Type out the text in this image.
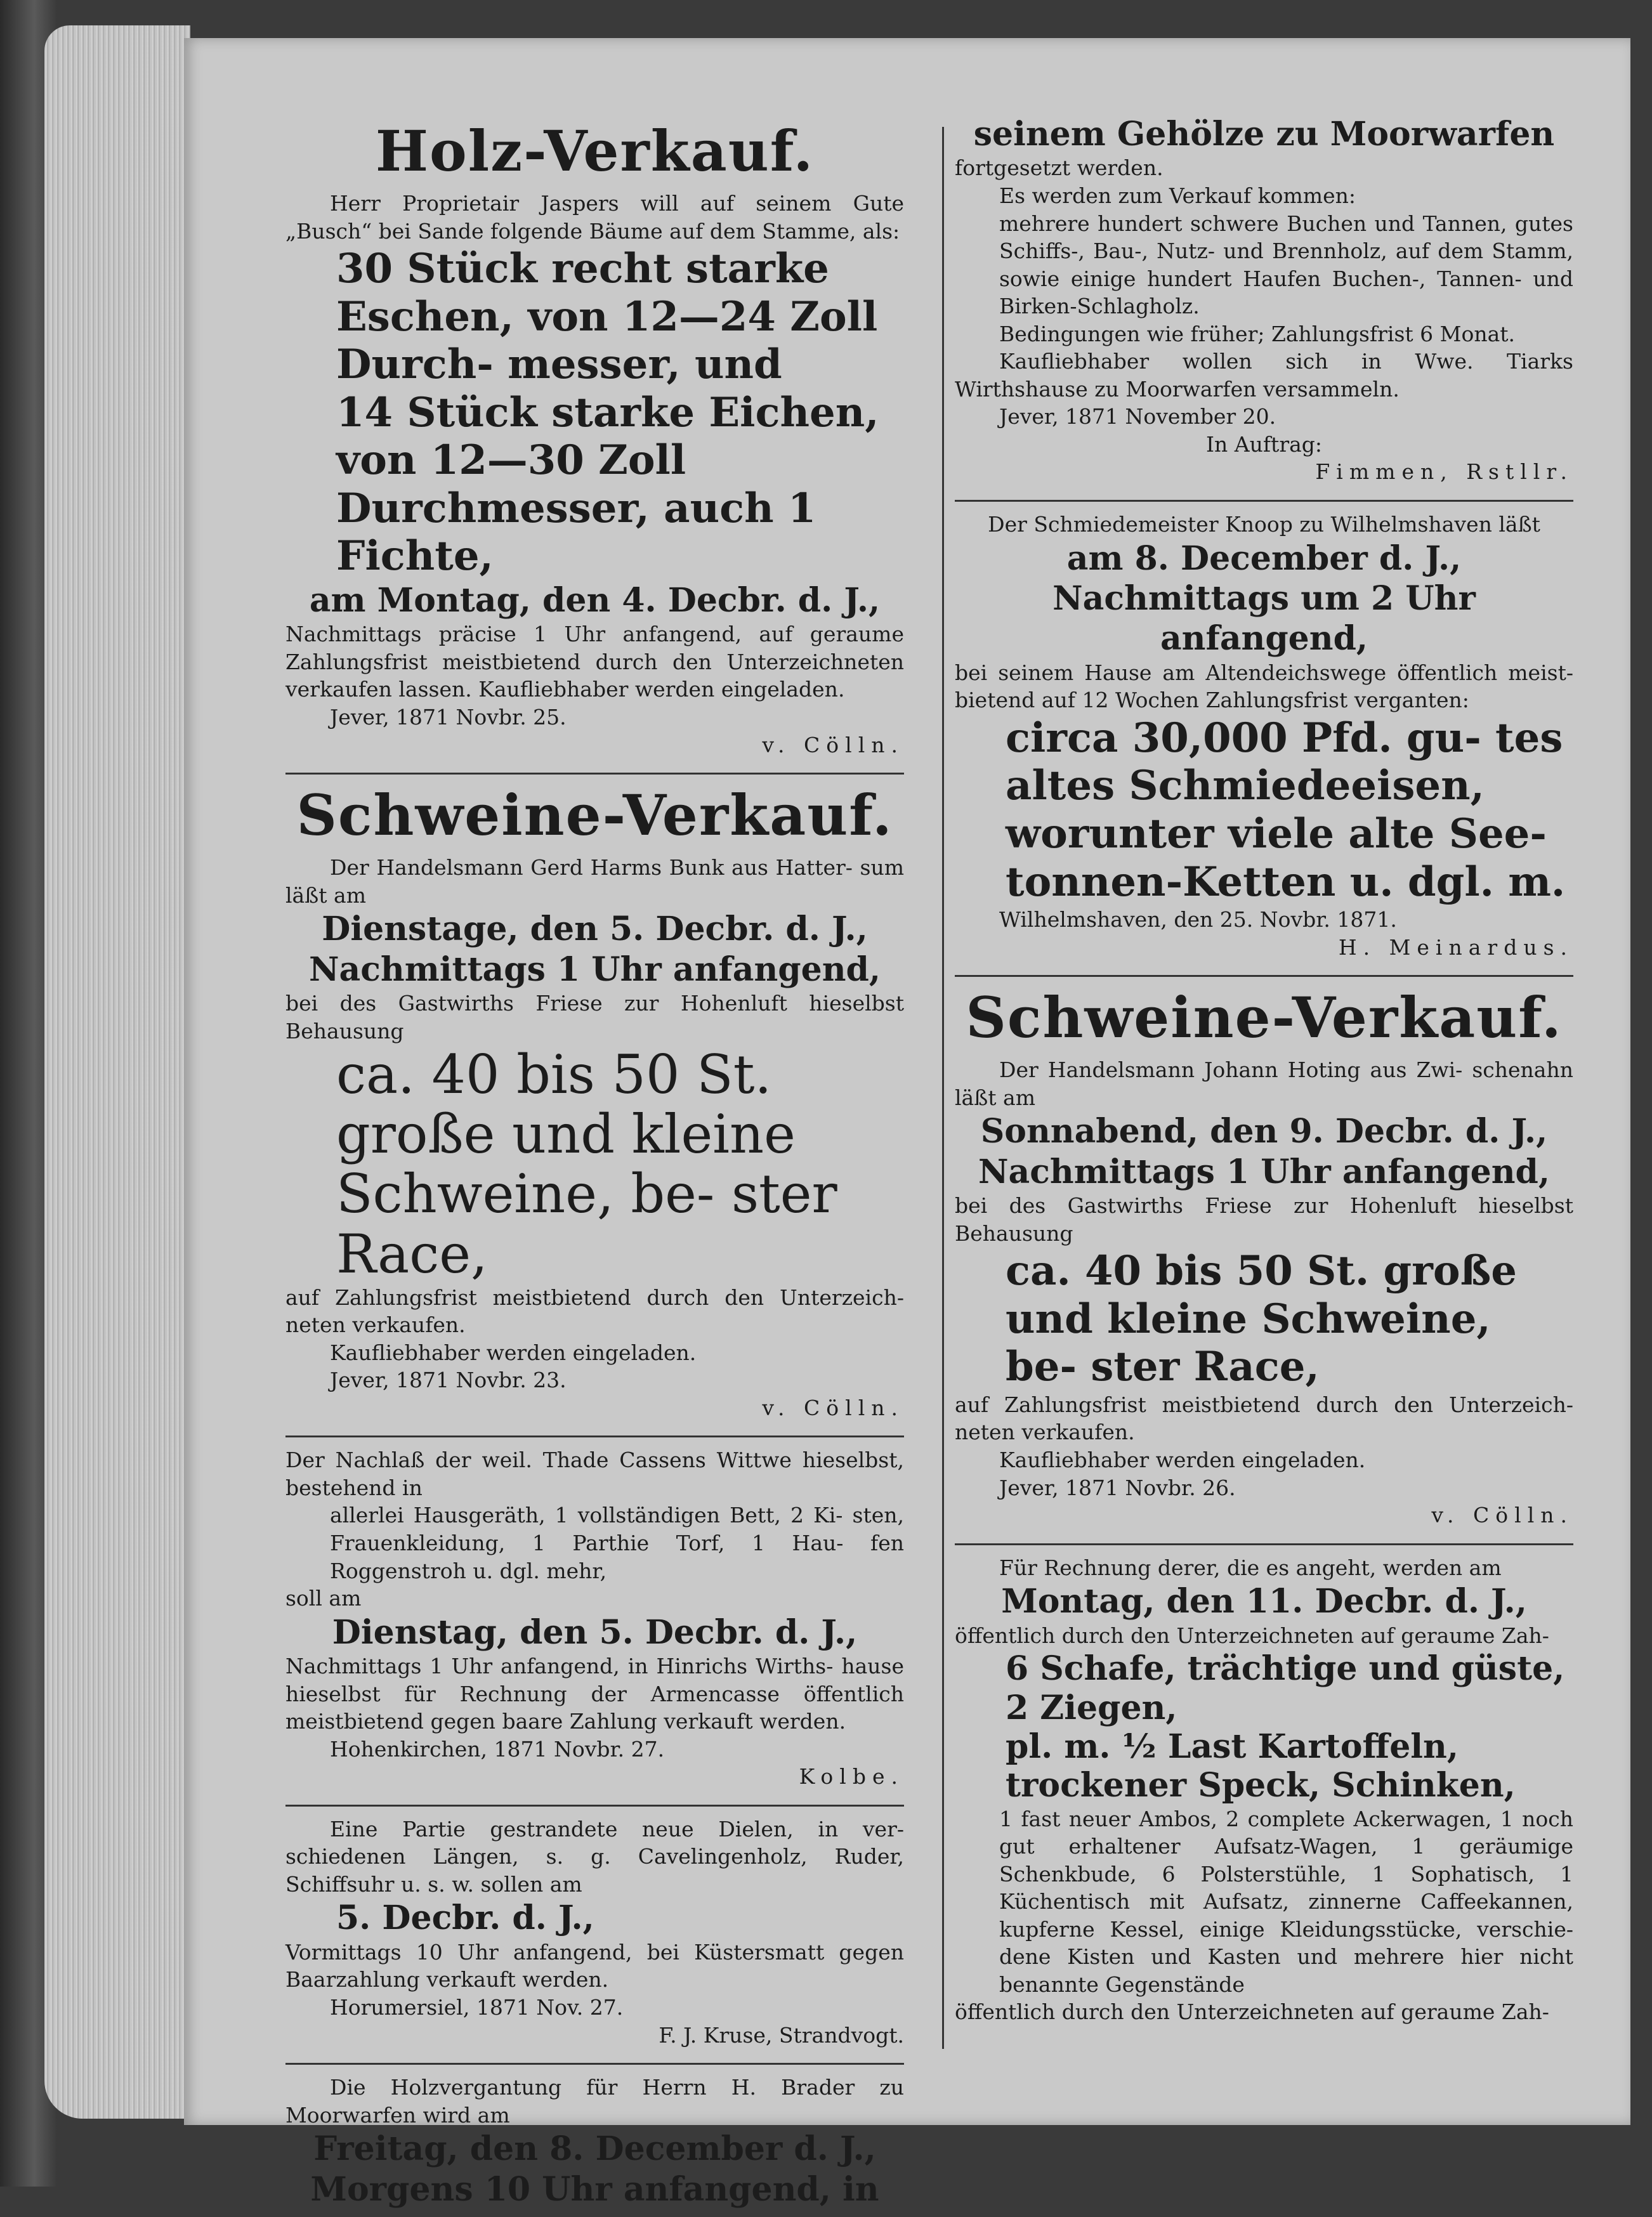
Holz-Verkauf.
Herr Proprietair Jaspers will auf seinem Gute „Busch“ bei Sande folgende Bäume auf dem Stamme, als:
30 Stück recht starke Eschen, von 12—24 Zoll Durch- messer, und
14 Stück starke Eichen, von 12—30 Zoll Durchmesser, auch 1 Fichte,
am Montag, den 4. Decbr. d. J.,
Nachmittags präcise 1 Uhr anfangend, auf geraume Zahlungsfrist meistbietend durch den Unterzeichneten verkaufen lassen. Kaufliebhaber werden eingeladen.
Jever, 1871 Novbr. 25.
v. Cölln.
Schweine-Verkauf.
Der Handelsmann Gerd Harms Bunk aus Hatter- sum läßt am
Dienstage, den 5. Decbr. d. J.,
Nachmittags 1 Uhr anfangend,
bei des Gastwirths Friese zur Hohenluft hieselbst Behausung
ca. 40 bis 50 St. große und kleine Schweine, be- ster Race,
auf Zahlungsfrist meistbietend durch den Unterzeich- neten verkaufen.
Kaufliebhaber werden eingeladen.
Jever, 1871 Novbr. 23.
v. Cölln.
Der Nachlaß der weil. Thade Cassens Wittwe hieselbst, bestehend in
allerlei Hausgeräth, 1 vollständigen Bett, 2 Ki- sten, Frauenkleidung, 1 Parthie Torf, 1 Hau- fen Roggenstroh u. dgl. mehr,
soll am
Dienstag, den 5. Decbr. d. J.,
Nachmittags 1 Uhr anfangend, in Hinrichs Wirths- hause hieselbst für Rechnung der Armencasse öffentlich meistbietend gegen baare Zahlung verkauft werden.
Hohenkirchen, 1871 Novbr. 27.
Kolbe.
Eine Partie gestrandete neue Dielen, in ver- schiedenen Längen, s. g. Cavelingenholz, Ruder, Schiffsuhr u. s. w. sollen am
5. Decbr. d. J.,
Vormittags 10 Uhr anfangend, bei Küstersmatt gegen Baarzahlung verkauft werden.
Horumersiel, 1871 Nov. 27.
F. J. Kruse, Strandvogt.
Die Holzvergantung für Herrn H. Brader zu Moorwarfen wird am
Freitag, den 8. December d. J., Morgens 10 Uhr anfangend, in
seinem Gehölze zu Moorwarfen
fortgesetzt werden.
Es werden zum Verkauf kommen:
mehrere hundert schwere Buchen und Tannen, gutes Schiffs-, Bau-, Nutz- und Brennholz, auf dem Stamm, sowie einige hundert Haufen Buchen-, Tannen- und Birken-Schlagholz.
Bedingungen wie früher; Zahlungsfrist 6 Monat.
Kaufliebhaber wollen sich in Wwe. Tiarks Wirthshause zu Moorwarfen versammeln.
Jever, 1871 November 20.
In Auftrag:
Fimmen, Rstllr.
Der Schmiedemeister Knoop zu Wilhelmshaven läßt
am 8. December d. J.,
Nachmittags um 2 Uhr anfangend,
bei seinem Hause am Altendeichswege öffentlich meist- bietend auf 12 Wochen Zahlungsfrist verganten:
circa 30,000 Pfd. gu- tes altes Schmiedeeisen, worunter viele alte See- tonnen-Ketten u. dgl. m.
Wilhelmshaven, den 25. Novbr. 1871.
H. Meinardus.
Schweine-Verkauf.
Der Handelsmann Johann Hoting aus Zwi- schenahn läßt am
Sonnabend, den 9. Decbr. d. J.,
Nachmittags 1 Uhr anfangend,
bei des Gastwirths Friese zur Hohenluft hieselbst Behausung
ca. 40 bis 50 St. große und kleine Schweine, be- ster Race,
auf Zahlungsfrist meistbietend durch den Unterzeich- neten verkaufen.
Kaufliebhaber werden eingeladen.
Jever, 1871 Novbr. 26.
v. Cölln.
Für Rechnung derer, die es angeht, werden am
Montag, den 11. Decbr. d. J.,
öffentlich durch den Unterzeichneten auf geraume Zah-
6 Schafe, trächtige und güste, 2 Ziegen,
pl. m. ½ Last Kartoffeln, trockener Speck, Schinken,
1 fast neuer Ambos, 2 complete Ackerwagen, 1 noch gut erhaltener Aufsatz-Wagen, 1 geräumige Schenkbude, 6 Polsterstühle, 1 Sophatisch, 1 Küchentisch mit Aufsatz, zinnerne Caffeekannen, kupferne Kessel, einige Kleidungsstücke, verschie- dene Kisten und Kasten und mehrere hier nicht benannte Gegenstände
öffentlich durch den Unterzeichneten auf geraume Zah-
